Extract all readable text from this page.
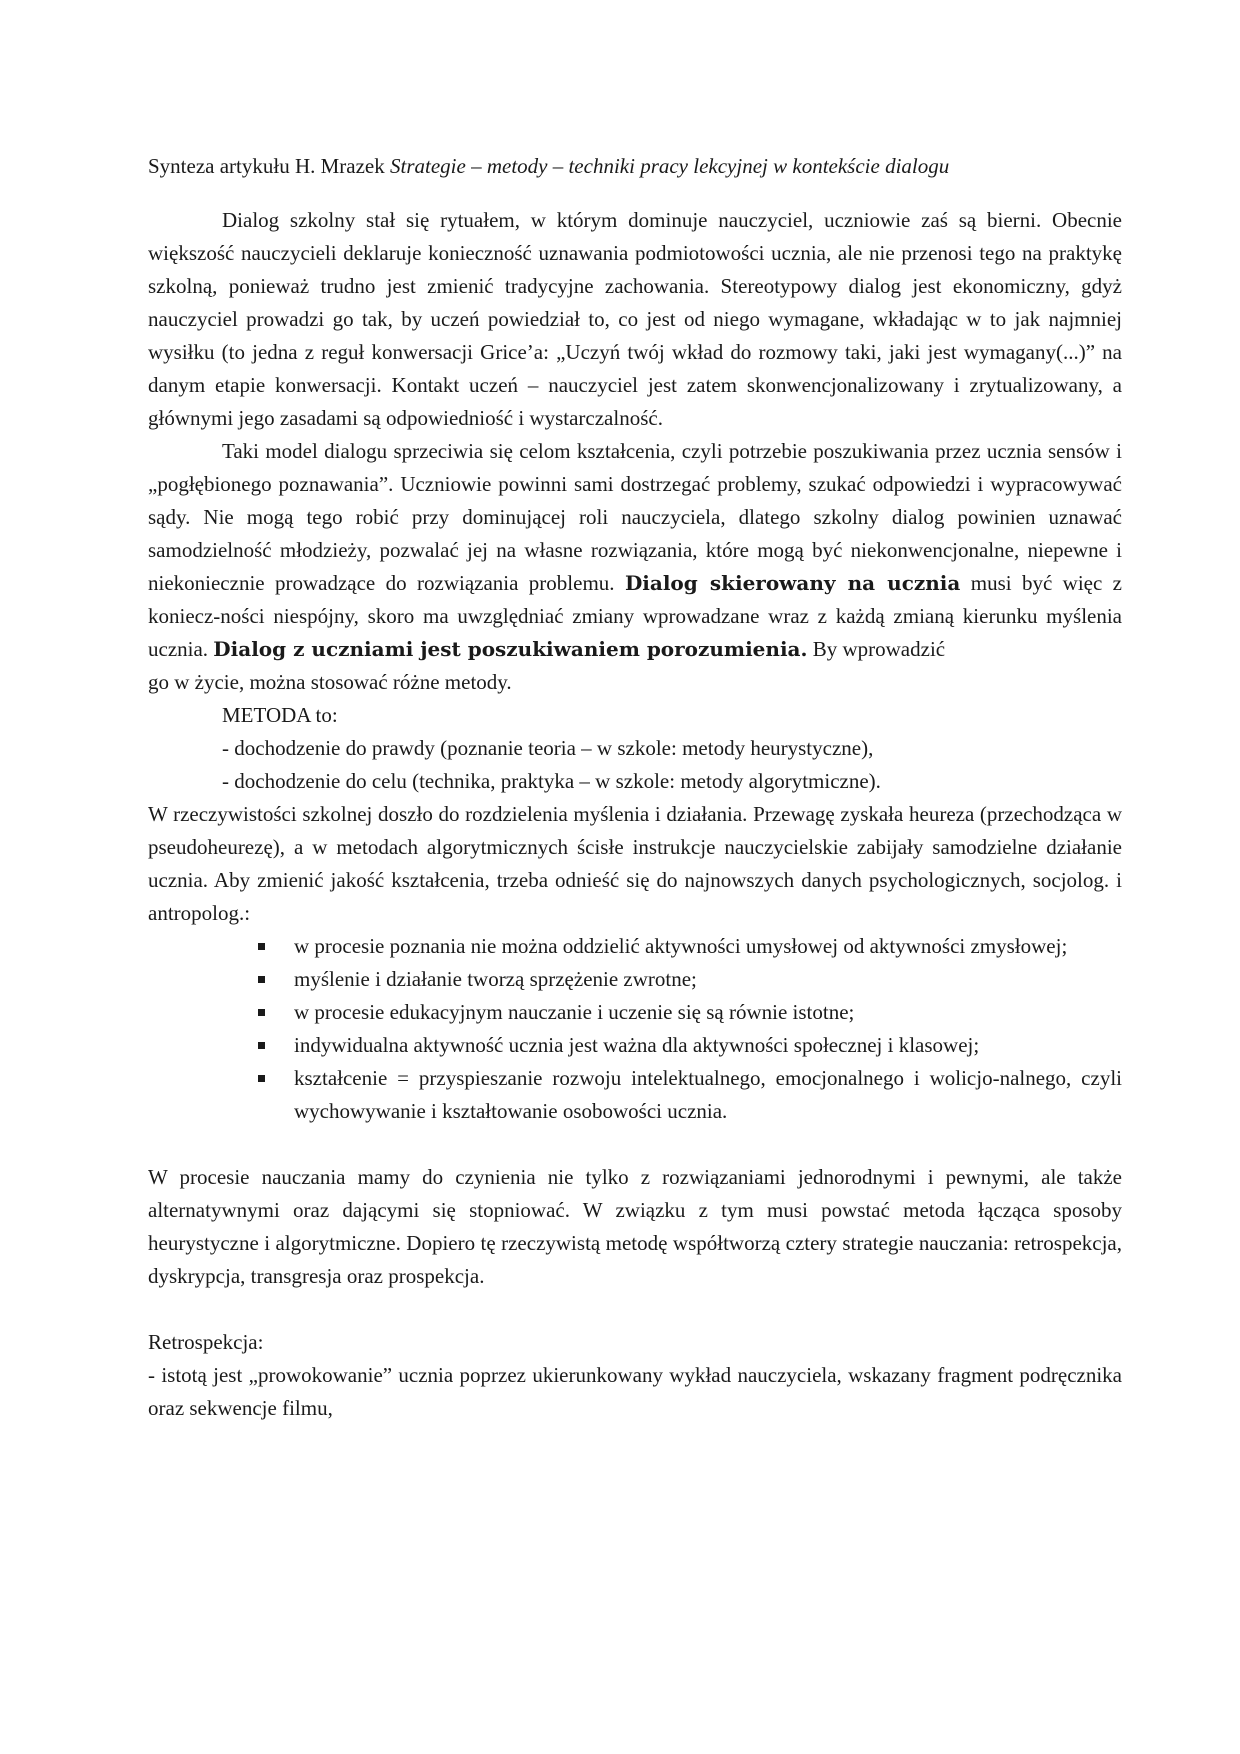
Synteza artykułu H. Mrazek Strategie – metody – techniki pracy lekcyjnej w kontekście dialogu

Dialog szkolny stał się rytuałem, w którym dominuje nauczyciel, uczniowie zaś są bierni. Obecnie większość nauczycieli deklaruje konieczność uznawania podmiotowości ucznia, ale nie przenosi tego na praktykę szkolną, ponieważ trudno jest zmienić tradycyjne zachowania. Stereotypowy dialog jest ekonomiczny, gdyż nauczyciel prowadzi go tak, by uczeń powiedział to, co jest od niego wymagane, wkładając w to jak najmniej wysiłku (to jedna z reguł konwersacji Grice’a: „Uczyń twój wkład do rozmowy taki, jaki jest wymagany(...)” na danym etapie konwersacji. Kontakt uczeń – nauczyciel jest zatem skonwencjonalizowany i zrytualizowany, a głównymi jego zasadami są odpowiedniość i wystarczalność.

Taki model dialogu sprzeciwia się celom kształcenia, czyli potrzebie poszukiwania przez ucznia sensów i „pogłębionego poznawania”. Uczniowie powinni sami dostrzegać problemy, szukać odpowiedzi i wypracowywać sądy. Nie mogą tego robić przy dominującej roli nauczyciela, dlatego szkolny dialog powinien uznawać samodzielność młodzieży, pozwalać jej na własne rozwiązania, które mogą być niekonwencjonalne, niepewne i niekoniecznie prowadzące do rozwiązania problemu. Dialog skierowany na ucznia musi być więc z koniecz-ności niespójny, skoro ma uwzględniać zmiany wprowadzane wraz z każdą zmianą kierunku myślenia ucznia. Dialog z uczniami jest poszukiwaniem porozumienia. By wprowadzić

go w życie, można stosować różne metody.

METODA to:
- dochodzenie do prawdy (poznanie teoria – w szkole: metody heurystyczne),
- dochodzenie do celu (technika, praktyka – w szkole: metody algorytmiczne).

W rzeczywistości szkolnej doszło do rozdzielenia myślenia i działania. Przewagę zyskała heureza (przechodząca w pseudoheurezę), a w metodach algorytmicznych ścisłe instrukcje nauczycielskie zabijały samodzielne działanie ucznia. Aby zmienić jakość kształcenia, trzeba odnieść się do najnowszych danych psychologicznych, socjolog. i antropolog.:

w procesie poznania nie można oddzielić aktywności umysłowej od aktywności zmysłowej;
myślenie i działanie tworzą sprzężenie zwrotne;
w procesie edukacyjnym nauczanie i uczenie się są równie istotne;
indywidualna aktywność ucznia jest ważna dla aktywności społecznej i klasowej;
kształcenie = przyspieszanie rozwoju intelektualnego, emocjonalnego i wolicjo-nalnego, czyli wychowywanie i kształtowanie osobowości ucznia.

W procesie nauczania mamy do czynienia nie tylko z rozwiązaniami jednorodnymi i pewnymi, ale także alternatywnymi oraz dającymi się stopniować. W związku z tym musi powstać metoda łącząca sposoby heurystyczne i algorytmiczne. Dopiero tę rzeczywistą metodę współtworzą cztery strategie nauczania: retrospekcja, dyskrypcja, transgresja oraz prospekcja.

Retrospekcja:

- istotą jest „prowokowanie” ucznia poprzez ukierunkowany wykład nauczyciela, wskazany fragment podręcznika oraz sekwencje filmu,
